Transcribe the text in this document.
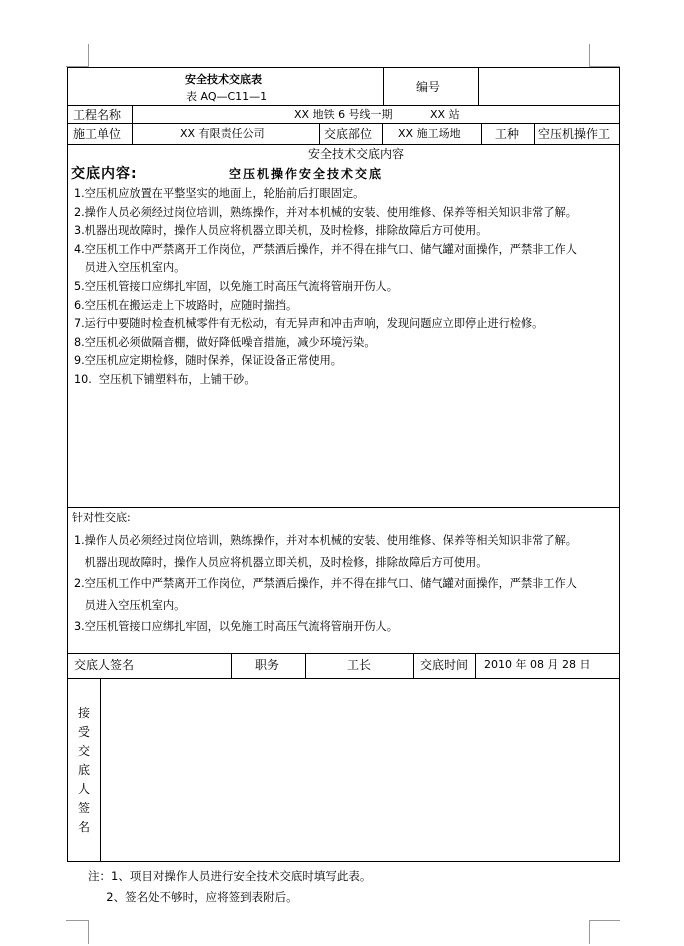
安全技术交底表
表 AQ—C11—1
编号
工程名称	XX 地铁 6 号线一期	XX 站
施工单位	XX 有限责任公司	交底部位 XX 施工场地	工种 空压机操作工
安全技术交底内容
交底内容:	空压机操作安全技术交底
1.空压机应放置在平整坚实的地面上，轮胎前后打眼固定。
2.操作人员必须经过岗位培训，熟练操作，并对本机械的安装、使用维修、保养等相关知识非常了解。
3.机器出现故障时，操作人员应将机器立即关机，及时检修，排除故障后方可使用。
4.空压机工作中严禁离开工作岗位，严禁酒后操作，并不得在排气口、储气罐对面操作，严禁非工作人
员进入空压机室内。
5.空压机管接口应绑扎牢固，以免施工时高压气流将管崩开伤人。
6.空压机在搬运走上下坡路时，应随时揣挡。
7.运行中要随时检查机械零件有无松动，有无异声和冲击声响，发现问题应立即停止进行检修。
8.空压机必须做隔音棚，做好降低噪音措施，减少环境污染。
9.空压机应定期检修，随时保养，保证设备正常使用。
10.  空压机下铺塑料布，上铺干砂。
针对性交底:
1.操作人员必须经过岗位培训，熟练操作，并对本机械的安装、使用维修、保养等相关知识非常了解。
机器出现故障时，操作人员应将机器立即关机，及时检修，排除故障后方可使用。
2.空压机工作中严禁离开工作岗位，严禁酒后操作，并不得在排气口、储气罐对面操作，严禁非工作人
员进入空压机室内。
3.空压机管接口应绑扎牢固，以免施工时高压气流将管崩开伤人。
交底人签名	职务	工长	交底时间 2010 年 08 月 28 日
接
受
交
底
人
签
名
注：1、项目对操作人员进行安全技术交底时填写此表。
2、签名处不够时，应将签到表附后。
